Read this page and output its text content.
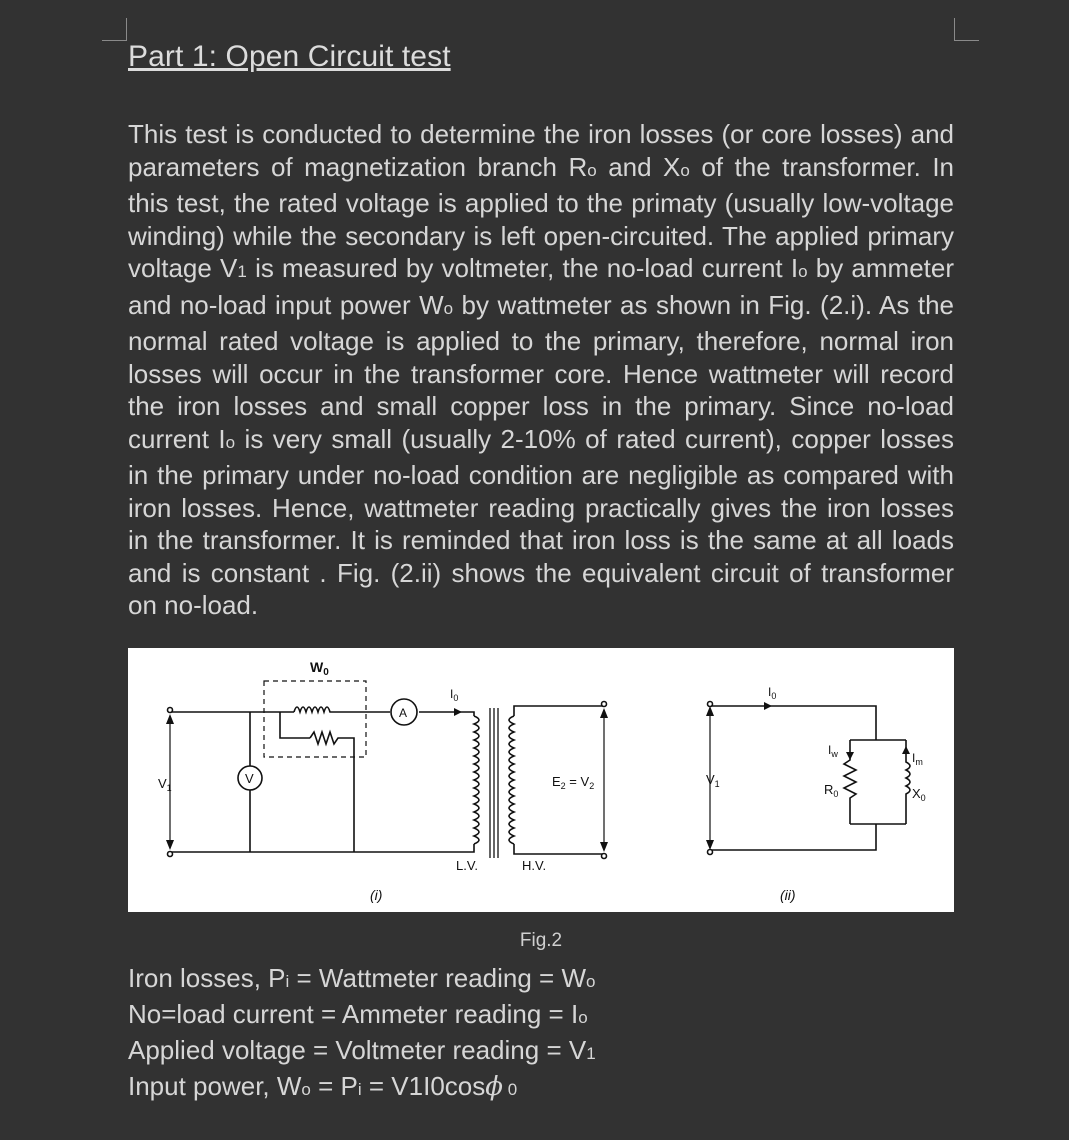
Part 1: Open Circuit test

This test is conducted to determine the iron losses (or core losses) and parameters of magnetization branch Ro and Xo of the transformer. In this test, the rated voltage is applied to the primaty (usually low-voltage winding) while the secondary is left open-circuited. The applied primary voltage V1 is measured by voltmeter, the no-load current Io by ammeter and no-load input power Wo by wattmeter as shown in Fig. (2.i). As the normal rated voltage is applied to the primary, therefore, normal iron losses will occur in the transformer core. Hence wattmeter will record the iron losses and small copper loss in the primary. Since no-load current Io is very small (usually 2-10% of rated current), copper losses in the primary under no-load condition are negligible as compared with iron losses. Hence, wattmeter reading practically gives the iron losses in the transformer. It is reminded that iron loss is the same at all loads and is constant . Fig. (2.ii) shows the equivalent circuit of transformer on no-load.

$V_1$
V
$W_0$
A
$I_0$
$E_2 = V_2$
L.V.	H.V.
(i)
$V_1$
$I_0$
$R_0$
$I_w$
$X_0$
$I_m$
(ii)
Fig.2
Iron losses, Pi = Wattmeter reading = Wo
No=load current = Ammeter reading = Io
Applied voltage = Voltmeter reading = V1
Input power, Wo = Pi = V1I0cosϕ 0
